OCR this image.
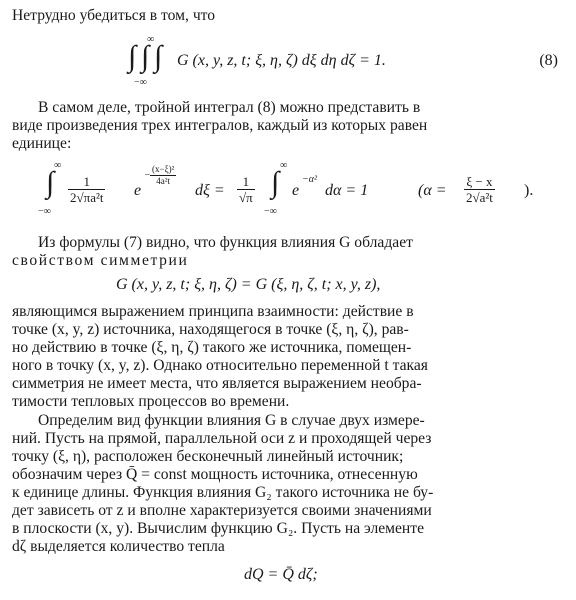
Нетрудно убедиться в том, что
∞
∫ ∫ ∫
−∞
G (x, y, z, t; ξ, η, ζ) dξ dη dζ = 1.	(8)
В самом деле, тройной интеграл (8) можно представить в
виде произведения трех интегралов, каждый из которых равен
единице:
∞
∫
−∞
$\frac{1}{\text{2√πa²t}}$ e
− $\frac{\text{(x−ξ)²}}{\text{4a²t}}$
$d\xi = \frac{1}{√\pi}$
∞
∫
−∞
e
−α²
dα = 1	($\alpha = \frac{\xi - x}{\text{2√a²t}}$ ).
Из формулы (7) видно, что функция влияния G обладает
свойством симметрии
G (x, y, z, t; ξ, η, ζ) = G (ξ, η, ζ, t; x, y, z),
являющимся выражением принципа взаимности: действие в
точке (x, y, z) источника, находящегося в точке (ξ, η, ζ), рав-
но действию в точке (ξ, η, ζ) такого же источника, помещен-
ного в точку (x, y, z). Однако относительно переменной t такая
симметрия не имеет места, что является выражением необра-
тимости тепловых процессов во времени.
Определим вид функции влияния G в случае двух измере-
ний. Пусть на прямой, параллельной оси z и проходящей через
точку (ξ, η), расположен бесконечный линейный источник;
обозначим через Q̄ = const мощность источника, отнесенную
к единице длины. Функция влияния G₂ такого источника не бу-
дет зависеть от z и вполне характеризуется своими значениями
в плоскости (x, y). Вычислим функцию G₂. Пусть на элементе
dζ выделяется количество тепла
dQ = Q̄ dζ;
